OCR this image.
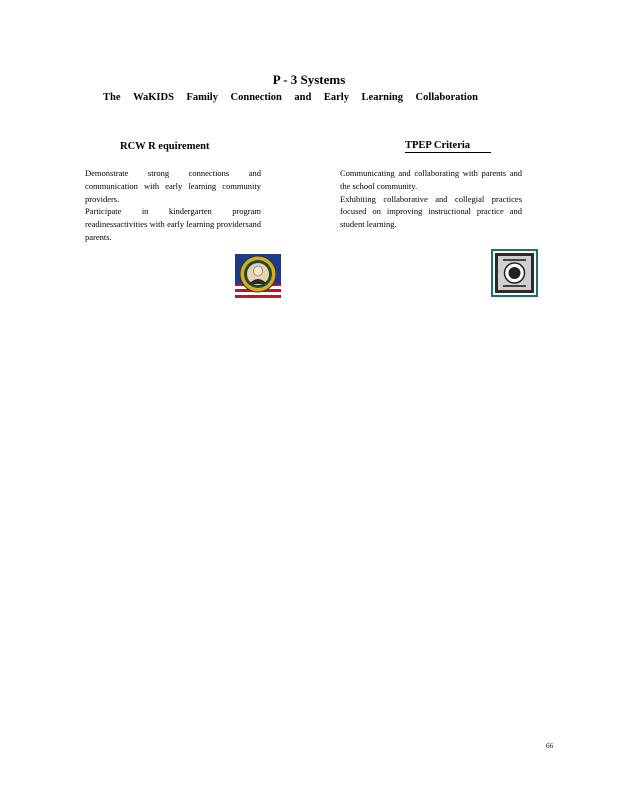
P - 3 Systems
The WaKIDS Family Connection and Early Learning Collaboration
RCW R equirement	TPEP Criteria
Demonstrate strong connections and communication with early learning community providers.
Participate in kindergarten program readinessactivities with early learning providersand parents.
Communicating and collaborating with parents and the school community.
Exhibiting collaborative and collegial practices focused on improving instructional practice and student learning.
66
